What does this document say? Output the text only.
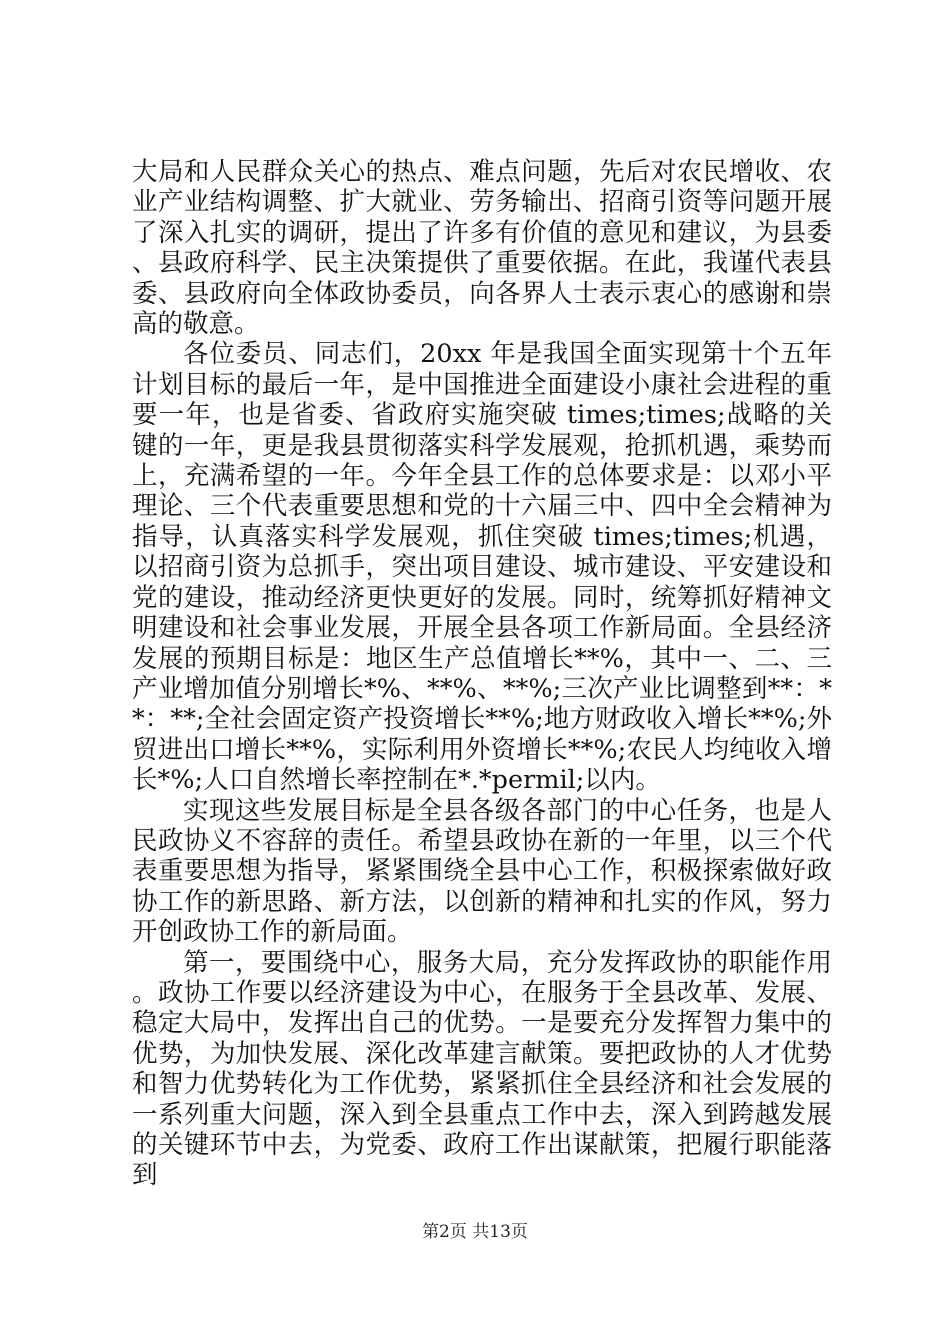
大局和人民群众关心的热点、难点问题，先后对农民增收、农业产业结构调整、扩大就业、劳务输出、招商引资等问题开展了深入扎实的调研，提出了许多有价值的意见和建议，为县委、县政府科学、民主决策提供了重要依据。在此，我谨代表县委、县政府向全体政协委员，向各界人士表示衷心的感谢和崇高的敬意。

各位委员、同志们，20xx 年是我国全面实现第十个五年计划目标的最后一年，是中国推进全面建设小康社会进程的重要一年，也是省委、省政府实施突破 times;times;战略的关键的一年，更是我县贯彻落实科学发展观，抢抓机遇，乘势而上，充满希望的一年。今年全县工作的总体要求是：以邓小平理论、三个代表重要思想和党的十六届三中、四中全会精神为指导，认真落实科学发展观，抓住突破 times;times;机遇，以招商引资为总抓手，突出项目建设、城市建设、平安建设和党的建设，推动经济更快更好的发展。同时，统筹抓好精神文明建设和社会事业发展，开展全县各项工作新局面。全县经济发展的预期目标是：地区生产总值增长**%，其中一、二、三产业增加值分别增长*%、**%、**%;三次产业比调整到**：**：**;全社会固定资产投资增长**%;地方财政收入增长**%;外贸进出口增长**%，实际利用外资增长**%;农民人均纯收入增长*%;人口自然增长率控制在*.*permil;以内。

实现这些发展目标是全县各级各部门的中心任务，也是人民政协义不容辞的责任。希望县政协在新的一年里，以三个代表重要思想为指导，紧紧围绕全县中心工作，积极探索做好政协工作的新思路、新方法，以创新的精神和扎实的作风，努力开创政协工作的新局面。

第一，要围绕中心，服务大局，充分发挥政协的职能作用。政协工作要以经济建设为中心，在服务于全县改革、发展、稳定大局中，发挥出自己的优势。一是要充分发挥智力集中的优势，为加快发展、深化改革建言献策。要把政协的人才优势和智力优势转化为工作优势，紧紧抓住全县经济和社会发展的一系列重大问题，深入到全县重点工作中去，深入到跨越发展的关键环节中去，为党委、政府工作出谋献策，把履行职能落到

第2页 共13页
